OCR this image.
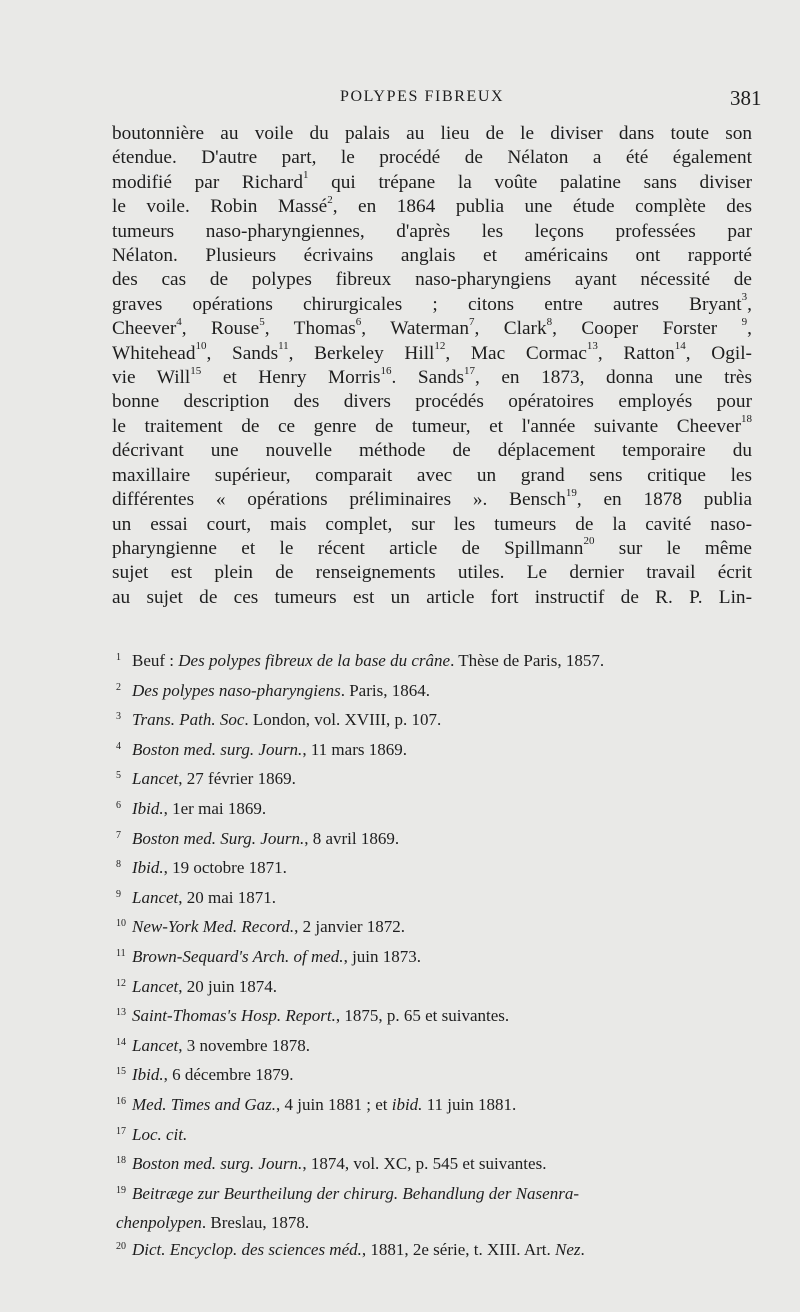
POLYPES FIBREUX	381
boutonnière au voile du palais au lieu de le diviser dans toute son
étendue. D'autre part, le procédé de Nélaton a été également
modifié par Richard$^1$ qui trépane la voûte palatine sans diviser
le voile. Robin Massé$^2$, en 1864 publia une étude complète des
tumeurs naso-pharyngiennes, d'après les leçons professées par
Nélaton. Plusieurs écrivains anglais et américains ont rapporté
des cas de polypes fibreux naso-pharyngiens ayant nécessité de
graves opérations chirurgicales ; citons entre autres Bryant$^3$,
Cheever$^4$, Rouse$^5$, Thomas$^6$, Waterman$^7$, Clark$^8$, Cooper Forster $^9$,
Whitehead$^{10}$, Sands$^{11}$, Berkeley Hill$^{12}$, Mac Cormac$^{13}$, Ratton$^{14}$, Ogil-
vie Will$^{15}$ et Henry Morris$^{16}$. Sands$^{17}$, en 1873, donna une très
bonne description des divers procédés opératoires employés pour
le traitement de ce genre de tumeur, et l'année suivante Cheever$^{18}$
décrivant une nouvelle méthode de déplacement temporaire du
maxillaire supérieur, comparait avec un grand sens critique les
différentes « opérations préliminaires ». Bensch$^{19}$, en 1878 publia
un essai court, mais complet, sur les tumeurs de la cavité naso-
pharyngienne et le récent article de Spillmann$^{20}$ sur le même
sujet est plein de renseignements utiles. Le dernier travail écrit
au sujet de ces tumeurs est un article fort instructif de R. P. Lin-
1 Beuf : Des polypes fibreux de la base du crâne. Thèse de Paris, 1857.
2 Des polypes naso-pharyngiens. Paris, 1864.
3 Trans. Path. Soc. London, vol. XVIII, p. 107.
4 Boston med. surg. Journ., 11 mars 1869.
5 Lancet, 27 février 1869.
6 Ibid., 1er mai 1869.
7 Boston med. Surg. Journ., 8 avril 1869.
8 Ibid., 19 octobre 1871.
9 Lancet, 20 mai 1871.
10 New-York Med. Record., 2 janvier 1872.
11 Brown-Sequard's Arch. of med., juin 1873.
12 Lancet, 20 juin 1874.
13 Saint-Thomas's Hosp. Report., 1875, p. 65 et suivantes.
14 Lancet, 3 novembre 1878.
15 Ibid., 6 décembre 1879.
16 Med. Times and Gaz., 4 juin 1881 ; et ibid. 11 juin 1881.
17 Loc. cit.
18 Boston med. surg. Journ., 1874, vol. XC, p. 545 et suivantes.
19 Beitræge zur Beurtheilung der chirurg. Behandlung der Nasenra-
chenpolypen. Breslau, 1878.
20 Dict. Encyclop. des sciences méd., 1881, 2e série, t. XIII. Art. Nez.
